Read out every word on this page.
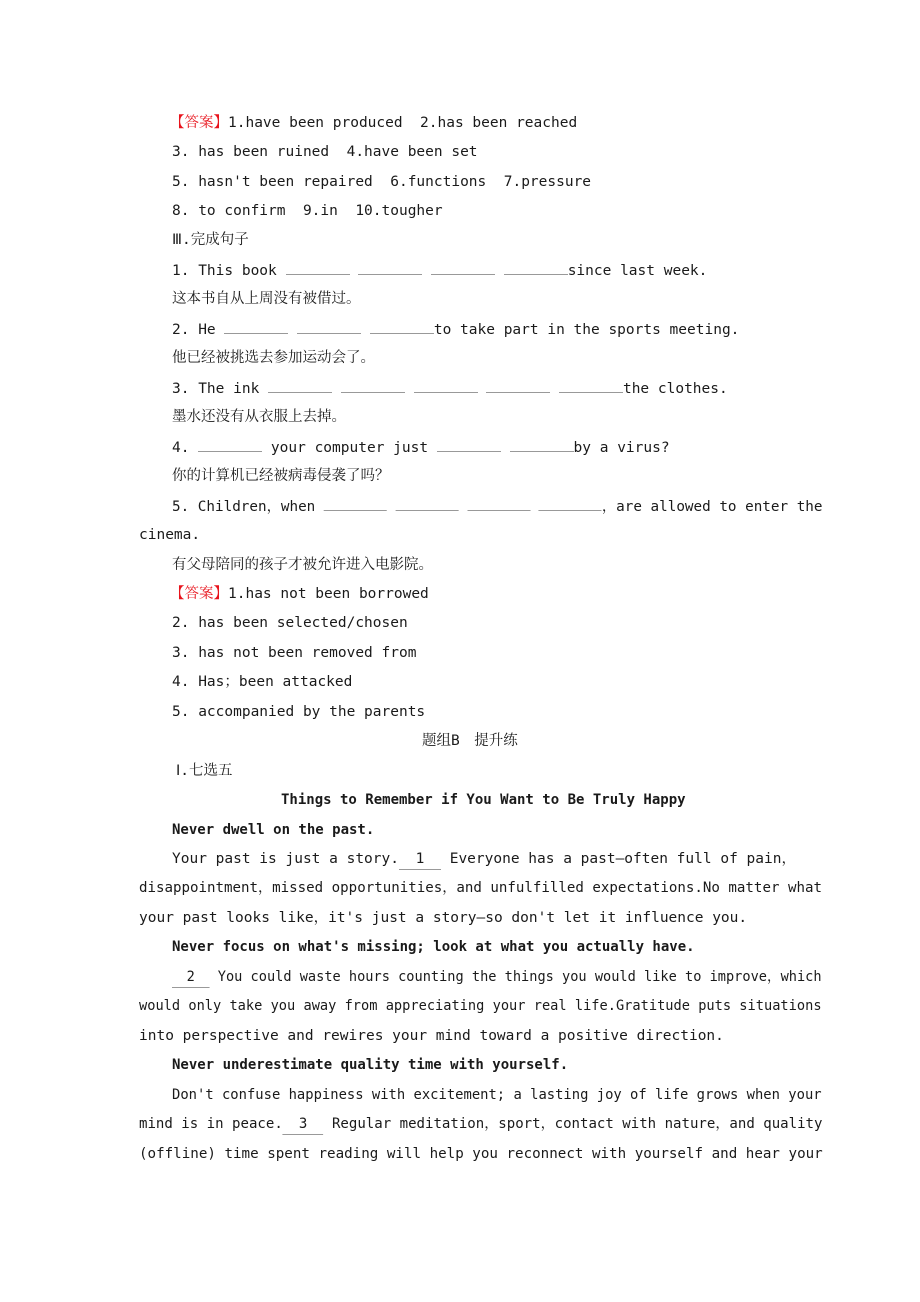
【答案】1.have been produced  2.has been reached
3. has been ruined  4.have been set
5. hasn't been repaired  6.functions  7.pressure
8. to confirm  9.in  10.tougher
Ⅲ.完成句子
1. This book	since last week.
这本书自从上周没有被借过。
2. He	to take part in the sports meeting.
他已经被挑选去参加运动会了。
3. The ink	the clothes.
墨水还没有从衣服上去掉。
4.	your computer just	by a virus?
你的计算机已经被病毒侵袭了吗？
5. Children，when	，are allowed to enter the
cinema.
有父母陪同的孩子才被允许进入电影院。
【答案】1.has not been borrowed
2. has been selected/chosen
3. has not been removed from
4. Has；been attacked
5. accompanied by the parents
题组B　提升练
Ⅰ.七选五
Things to Remember if You Want to Be Truly Happy
Never dwell on the past.
Your past is just a story. 1 Everyone has a past—often full of pain，
disappointment，missed opportunities，and unfulfilled expectations.No matter what
your past looks like，it's just a story—so don't let it influence you.
Never focus on what's missing; look at what you actually have.
2 You could waste hours counting the things you would like to improve，which
would only take you away from appreciating your real life.Gratitude puts situations
into perspective and rewires your mind toward a positive direction.
Never underestimate quality time with yourself.
Don't confuse happiness with excitement; a lasting joy of life grows when your
mind is in peace. 3 Regular meditation，sport，contact with nature，and quality
(offline) time spent reading will help you reconnect with yourself and hear your
